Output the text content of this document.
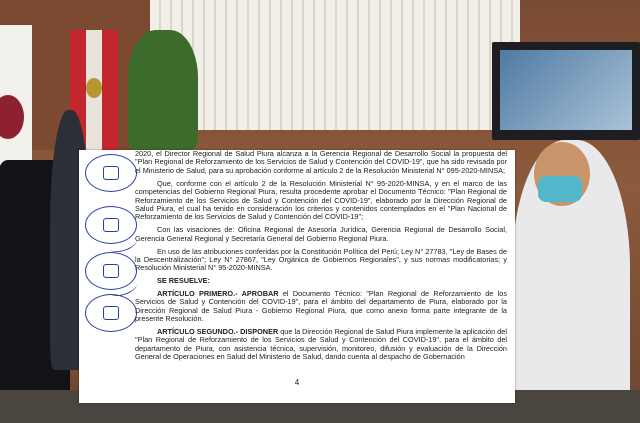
2020, el Director Regional de Salud Piura alcanza a la Gerencia Regional de Desarrollo Social la propuesta del "Plan Regional de Reforzamiento de los Servicios de Salud y Contención del COVID-19", que ha sido revisada por el Ministerio de Salud, para su aprobación conforme al artículo 2 de la Resolución Ministerial N° 095-2020-MINSA;

Que, conforme con el artículo 2 de la Resolución Ministerial N° 95-2020-MINSA, y en el marco de las competencias del Gobierno Regional Piura, resulta procedente aprobar el Documento Técnico: "Plan Regional de Reforzamiento de los Servicios de Salud y Contención del COVID-19", elaborado por la Dirección Regional de Salud Piura, el cual ha tenido en consideración los criterios y contenidos contemplados en el "Plan Nacional de Reforzamiento de los Servicios de Salud y Contención del COVID-19";

Con las visaciones de: Oficina Regional de Asesoría Jurídica, Gerencia Regional de Desarrollo Social, Gerencia General Regional y Secretaría General del Gobierno Regional Piura.

En uso de las atribuciones conferidas por la Constitución Política del Perú; Ley N° 27783, "Ley de Bases de la Descentralización"; Ley N° 27867, "Ley Orgánica de Gobiernos Regionales", y sus normas modificatorias; y Resolución Ministerial N° 95-2020-MINSA.

SE RESUELVE:

ARTÍCULO PRIMERO.- APROBAR el Documento Técnico: "Plan Regional de Reforzamiento de los Servicios de Salud y Contención del COVID-19", para el ámbito del departamento de Piura, elaborado por la Dirección Regional de Salud Piura - Gobierno Regional Piura, que como anexo forma parte integrante de la presente Resolución.

ARTÍCULO SEGUNDO.- DISPONER que la Dirección Regional de Salud Piura implemente la aplicación del "Plan Regional de Reforzamiento de los Servicios de Salud y Contención del COVID-19", para el ámbito del departamento de Piura, con asistencia técnica, supervisión, monitoreo, difusión y evaluación de la Dirección General de Operaciones en Salud del Ministerio de Salud, dando cuenta al despacho de Gobernación

4
